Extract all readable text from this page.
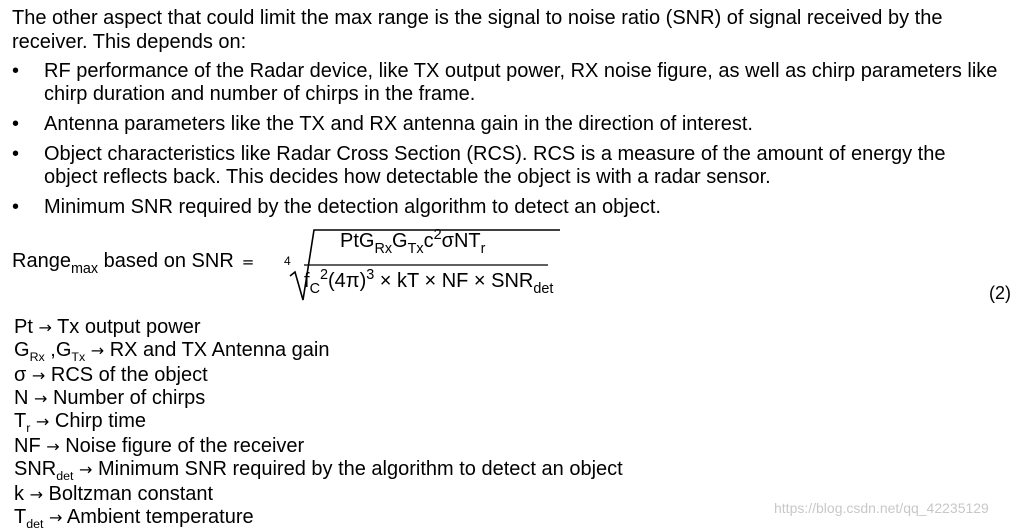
The other aspect that could limit the max range is the signal to noise ratio (SNR) of signal received by the receiver. This depends on:

• RF performance of the Radar device, like TX output power, RX noise figure, as well as chirp parameters like chirp duration and number of chirps in the frame.
• Antenna parameters like the TX and RX antenna gain in the direction of interest.
• Object characteristics like Radar Cross Section (RCS). RCS is a measure of the amount of energy the object reflects back. This decides how detectable the object is with a radar sensor.
• Minimum SNR required by the detection algorithm to detect an object.
Range$_{max}$ based on SNR = 4
$PtG_{Rx}G_{Tx}c^2\sigma NT_r$
$f_C^2(4\pi)^3$ × kT × NF × $SNR_{det}$	(2)
Pt → Tx output power
$G_{Rx}$ $,G_{Tx}$ → RX and TX Antenna gain
σ → RCS of the object
N → Number of chirps
$T_r$ → Chirp time
NF → Noise figure of the receiver
$SNR_{det}$ → Minimum SNR required by the algorithm to detect an object
k → Boltzman constant
$T_{det}$ → Ambient temperature	https://blog.csdn.net/qq_42235129
